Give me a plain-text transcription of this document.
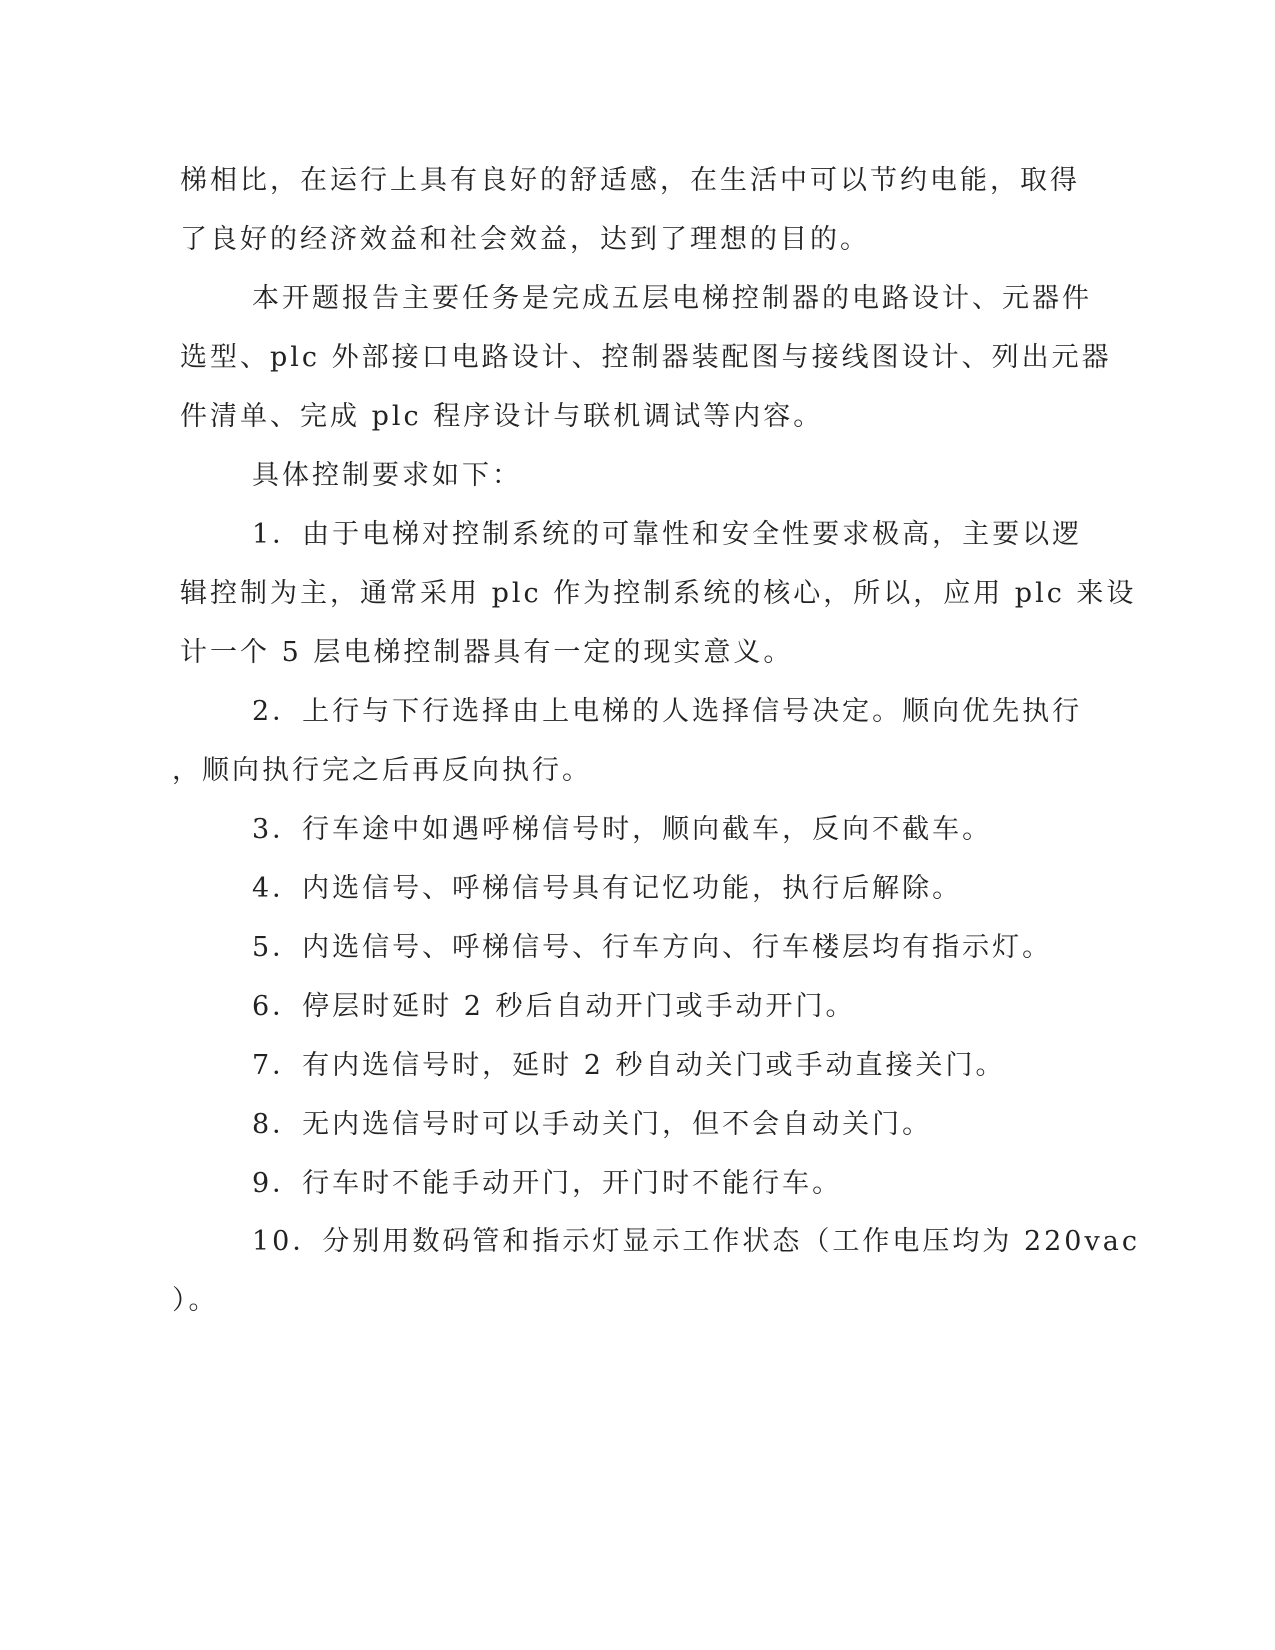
梯相比，在运行上具有良好的舒适感，在生活中可以节约电能，取得
了良好的经济效益和社会效益，达到了理想的目的。
本开题报告主要任务是完成五层电梯控制器的电路设计、元器件
选型、plc 外部接口电路设计、控制器装配图与接线图设计、列出元器
件清单、完成 plc 程序设计与联机调试等内容。
具体控制要求如下：
1．由于电梯对控制系统的可靠性和安全性要求极高，主要以逻
辑控制为主，通常采用 plc 作为控制系统的核心，所以，应用 plc 来设
计一个 5 层电梯控制器具有一定的现实意义。
2．上行与下行选择由上电梯的人选择信号决定。顺向优先执行
，顺向执行完之后再反向执行。
3．行车途中如遇呼梯信号时，顺向截车，反向不截车。
4．内选信号、呼梯信号具有记忆功能，执行后解除。
5．内选信号、呼梯信号、行车方向、行车楼层均有指示灯。
6．停层时延时 2 秒后自动开门或手动开门。
7．有内选信号时，延时 2 秒自动关门或手动直接关门。
8．无内选信号时可以手动关门，但不会自动关门。
9．行车时不能手动开门，开门时不能行车。
10．分别用数码管和指示灯显示工作状态（工作电压均为 220vac
）。
